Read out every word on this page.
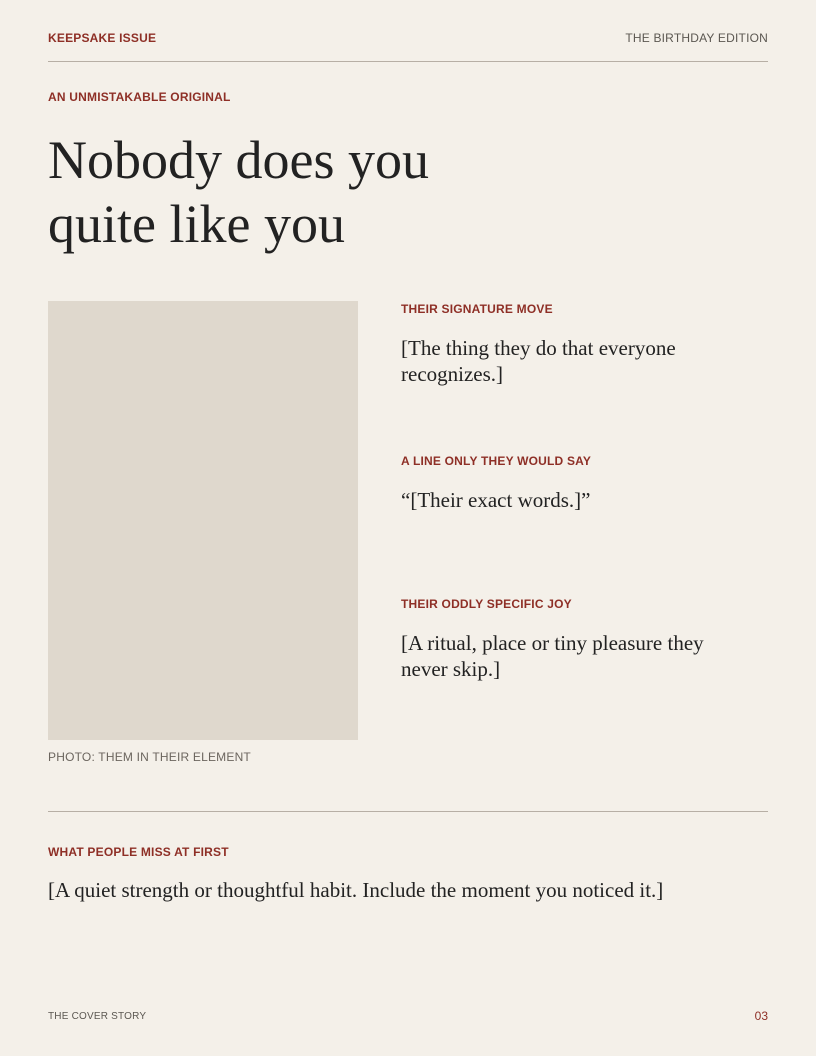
KEEPSAKE ISSUE	THE BIRTHDAY EDITION
AN UNMISTAKABLE ORIGINAL
Nobody does you
quite like you
PHOTO: THEM IN THEIR ELEMENT
THEIR SIGNATURE MOVE
[The thing they do that everyone recognizes.]
A LINE ONLY THEY WOULD SAY
“[Their exact words.]”
THEIR ODDLY SPECIFIC JOY
[A ritual, place or tiny pleasure they never skip.]
WHAT PEOPLE MISS AT FIRST
[A quiet strength or thoughtful habit. Include the moment you noticed it.]
THE COVER STORY	03
